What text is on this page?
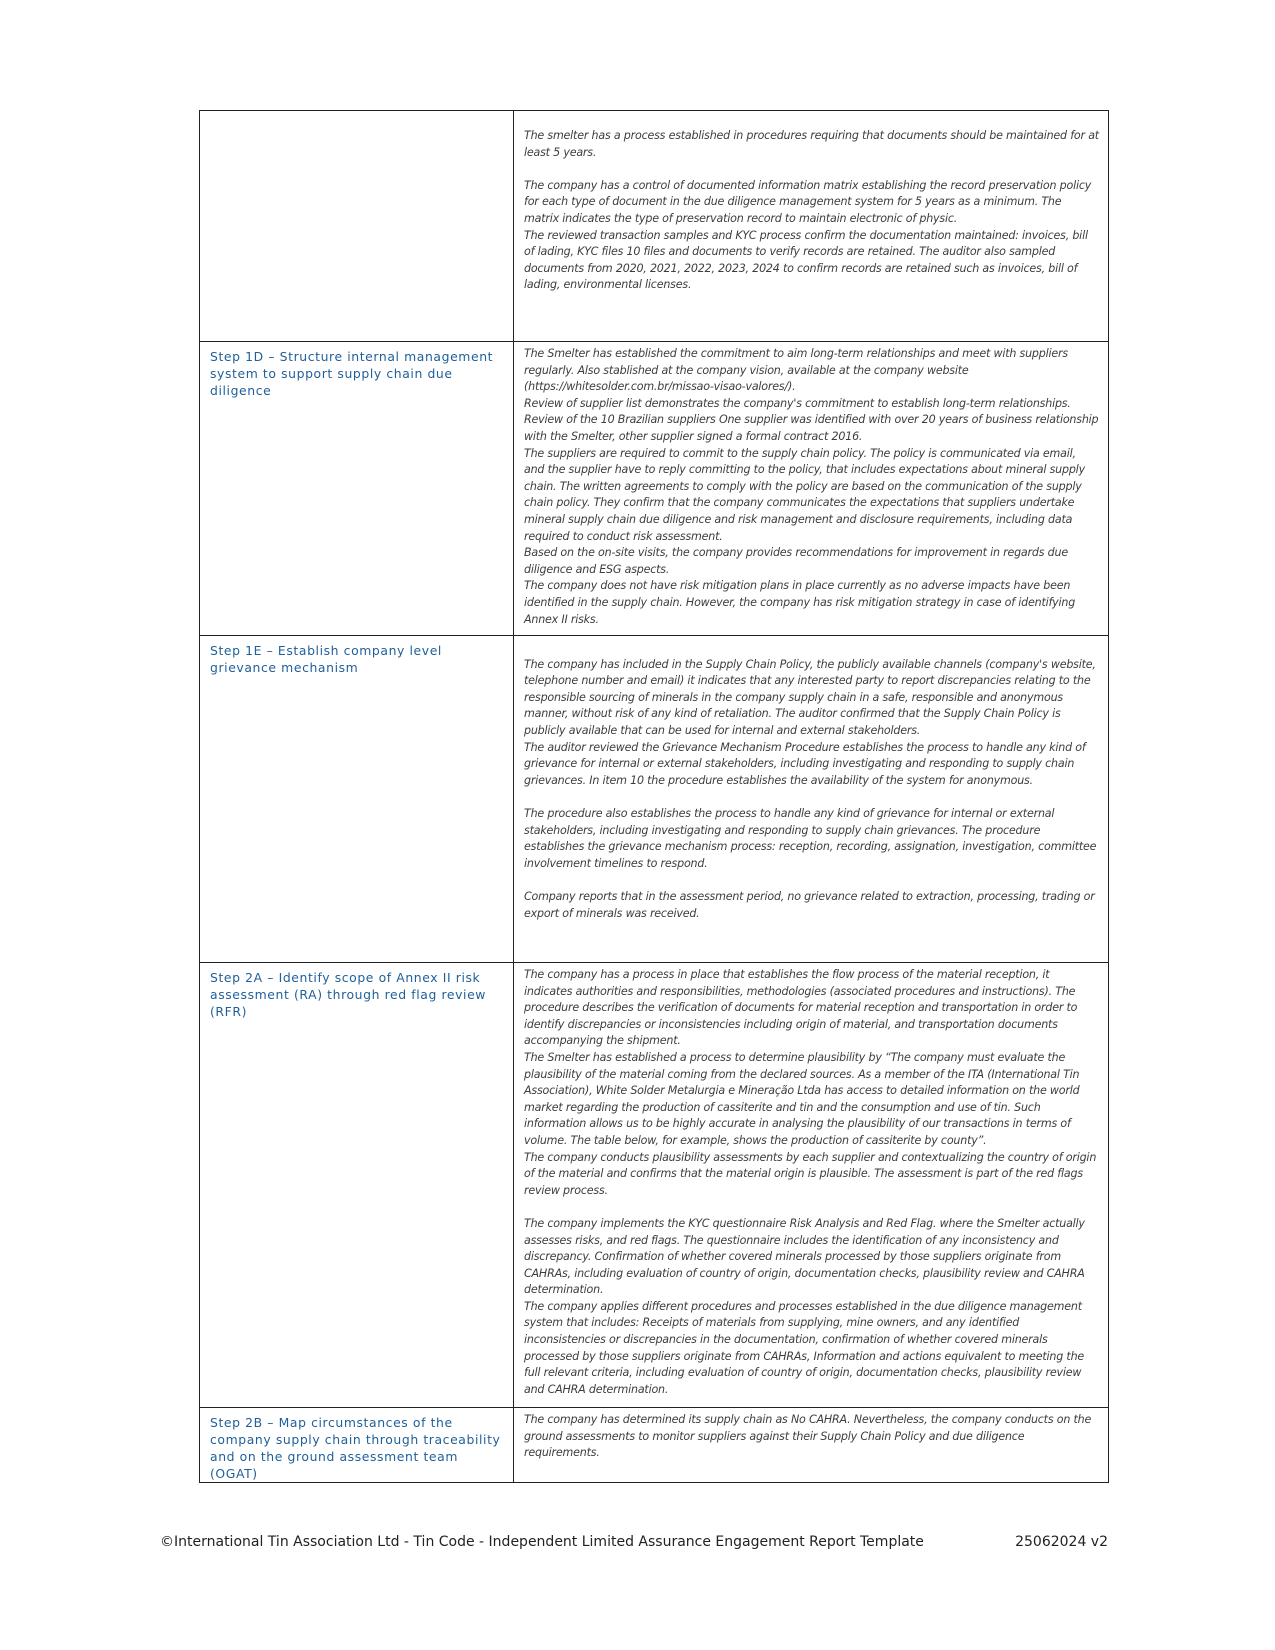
	The smelter has a process established in procedures requiring that documents should be maintained for at least 5 years.

The company has a control of documented information matrix establishing the record preservation policy for each type of document in the due diligence management system for 5 years as a minimum. The matrix indicates the type of preservation record to maintain electronic of physic.

The reviewed transaction samples and KYC process confirm the documentation maintained: invoices, bill of lading, KYC files 10 files and documents to verify records are retained. The auditor also sampled documents from 2020, 2021, 2022, 2023, 2024 to confirm records are retained such as invoices, bill of lading, environmental licenses.

Step 1D – Structure internal management system to support supply chain due diligence	The Smelter has established the commitment to aim long-term relationships and meet with suppliers regularly. Also stablished at the company vision, available at the company website (https://whitesolder.com.br/missao-visao-valores/).

Review of supplier list demonstrates the company's commitment to establish long-term relationships. Review of the 10 Brazilian suppliers One supplier was identified with over 20 years of business relationship with the Smelter, other supplier signed a formal contract 2016.

The suppliers are required to commit to the supply chain policy. The policy is communicated via email, and the supplier have to reply committing to the policy, that includes expectations about mineral supply chain. The written agreements to comply with the policy are based on the communication of the supply chain policy. They confirm that the company communicates the expectations that suppliers undertake mineral supply chain due diligence and risk management and disclosure requirements, including data required to conduct risk assessment.

Based on the on-site visits, the company provides recommendations for improvement in regards due diligence and ESG aspects.

The company does not have risk mitigation plans in place currently as no adverse impacts have been identified in the supply chain. However, the company has risk mitigation strategy in case of identifying Annex II risks.

Step 1E – Establish company level grievance mechanism	The company has included in the Supply Chain Policy, the publicly available channels (company's website, telephone number and email) it indicates that any interested party to report discrepancies relating to the responsible sourcing of minerals in the company supply chain in a safe, responsible and anonymous manner, without risk of any kind of retaliation. The auditor confirmed that the Supply Chain Policy is publicly available that can be used for internal and external stakeholders.

The auditor reviewed the Grievance Mechanism Procedure establishes the process to handle any kind of grievance for internal or external stakeholders, including investigating and responding to supply chain grievances. In item 10 the procedure establishes the availability of the system for anonymous.

The procedure also establishes the process to handle any kind of grievance for internal or external stakeholders, including investigating and responding to supply chain grievances. The procedure establishes the grievance mechanism process: reception, recording, assignation, investigation, committee involvement timelines to respond.

Company reports that in the assessment period, no grievance related to extraction, processing, trading or export of minerals was received.

Step 2A – Identify scope of Annex II risk assessment (RA) through red flag review (RFR)	The company has a process in place that establishes the flow process of the material reception, it indicates authorities and responsibilities, methodologies (associated procedures and instructions). The procedure describes the verification of documents for material reception and transportation in order to identify discrepancies or inconsistencies including origin of material, and transportation documents accompanying the shipment.

The Smelter has established a process to determine plausibility by “The company must evaluate the plausibility of the material coming from the declared sources. As a member of the ITA (International Tin Association), White Solder Metalurgia e Mineração Ltda has access to detailed information on the world market regarding the production of cassiterite and tin and the consumption and use of tin. Such information allows us to be highly accurate in analysing the plausibility of our transactions in terms of volume. The table below, for example, shows the production of cassiterite by county”.

The company conducts plausibility assessments by each supplier and contextualizing the country of origin of the material and confirms that the material origin is plausible. The assessment is part of the red flags review process.

The company implements the KYC questionnaire Risk Analysis and Red Flag. where the Smelter actually assesses risks, and red flags. The questionnaire includes the identification of any inconsistency and discrepancy. Confirmation of whether covered minerals processed by those suppliers originate from CAHRAs, including evaluation of country of origin, documentation checks, plausibility review and CAHRA determination.

The company applies different procedures and processes established in the due diligence management system that includes: Receipts of materials from supplying, mine owners, and any identified inconsistencies or discrepancies in the documentation, confirmation of whether covered minerals processed by those suppliers originate from CAHRAs, Information and actions equivalent to meeting the full relevant criteria, including evaluation of country of origin, documentation checks, plausibility review and CAHRA determination.

Step 2B – Map circumstances of the company supply chain through traceability and on the ground assessment team (OGAT)	The company has determined its supply chain as No CAHRA. Nevertheless, the company conducts on the ground assessments to monitor suppliers against their Supply Chain Policy and due diligence requirements.

©International Tin Association Ltd - Tin Code - Independent Limited Assurance Engagement Report Template	25062024 v2
